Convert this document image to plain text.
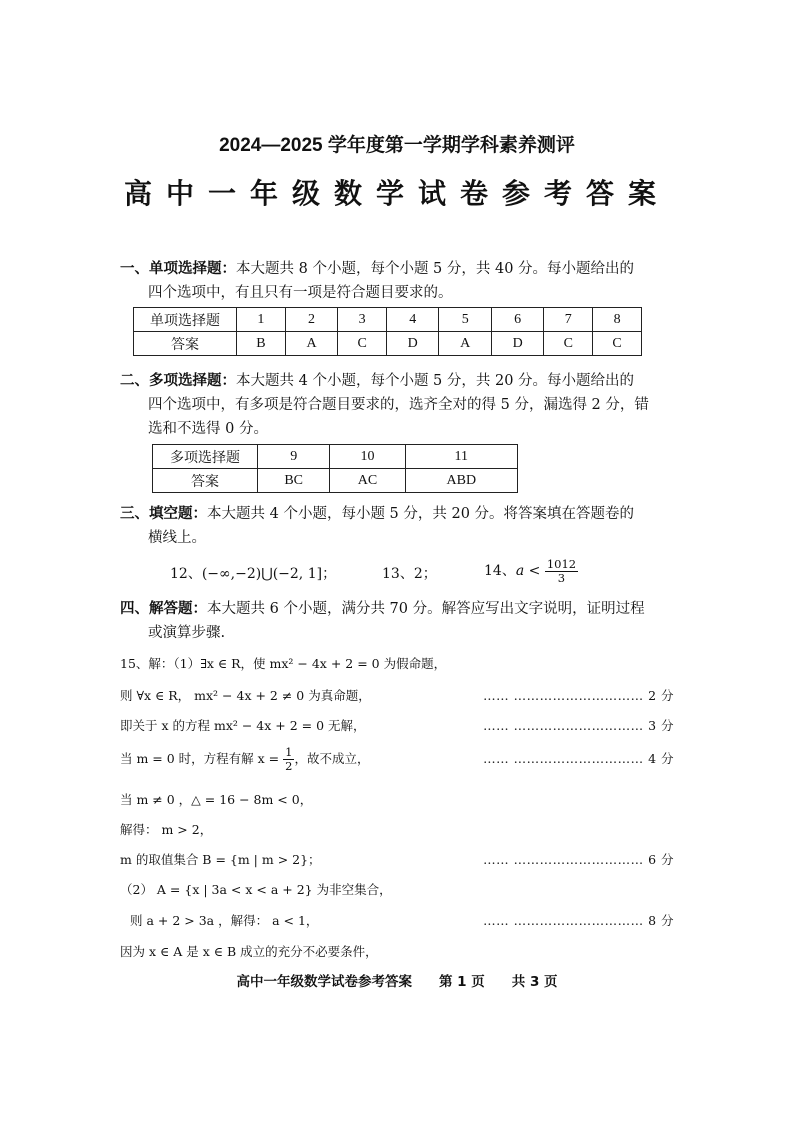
2024—2025 学年度第一学期学科素养测评
高中一年级数学试卷参考答案
一、单项选择题：本大题共 8 个小题，每个小题 5 分，共 40 分。每小题给出的
四个选项中，有且只有一项是符合题目要求的。
单项选择题	1	2	3	4	5	6	7	8
答案	B	A	C	D	A	D	C	C
二、多项选择题：本大题共 4 个小题，每个小题 5 分，共 20 分。每小题给出的
四个选项中，有多项是符合题目要求的，选齐全对的得 5 分，漏选得 2 分，错
选和不选得 0 分。
多项选择题	9	10	11
答案	BC	AC	ABD
三、填空题：本大题共 4 个小题，每小题 5 分，共 20 分。将答案填在答题卷的
横线上。
12、(−∞,−2)⋃(−2, 1]；	13、2；	14、$a < \frac{1012}{3}$
四、解答题：本大题共 6 个小题，满分共 70 分。解答应写出文字说明，证明过程
或演算步骤.
15、解：（1）∃x ∈ R，使 mx² − 4x + 2 = 0 为假命题，
则 ∀x ∈ R， mx² − 4x + 2 ≠ 0 为真命题，	…… ………………………… 2 分
即关于 x 的方程 mx² − 4x + 2 = 0 无解，	…… ………………………… 3 分
当 m = 0 时，方程有解 $x = \frac{1}{2}$ ，故不成立，	…… ………………………… 4 分
当 m ≠ 0 ，△ = 16 − 8m < 0，
解得： m > 2，
m 的取值集合 B = {m | m > 2}；	…… ………………………… 6 分
（2） A = {x | 3a < x < a + 2} 为非空集合，
则 a + 2 > 3a ，解得： a < 1，	…… ………………………… 8 分
因为 x ∈ A 是 x ∈ B 成立的充分不必要条件，
高中一年级数学试卷参考答案　　第 1 页　　共 3 页
